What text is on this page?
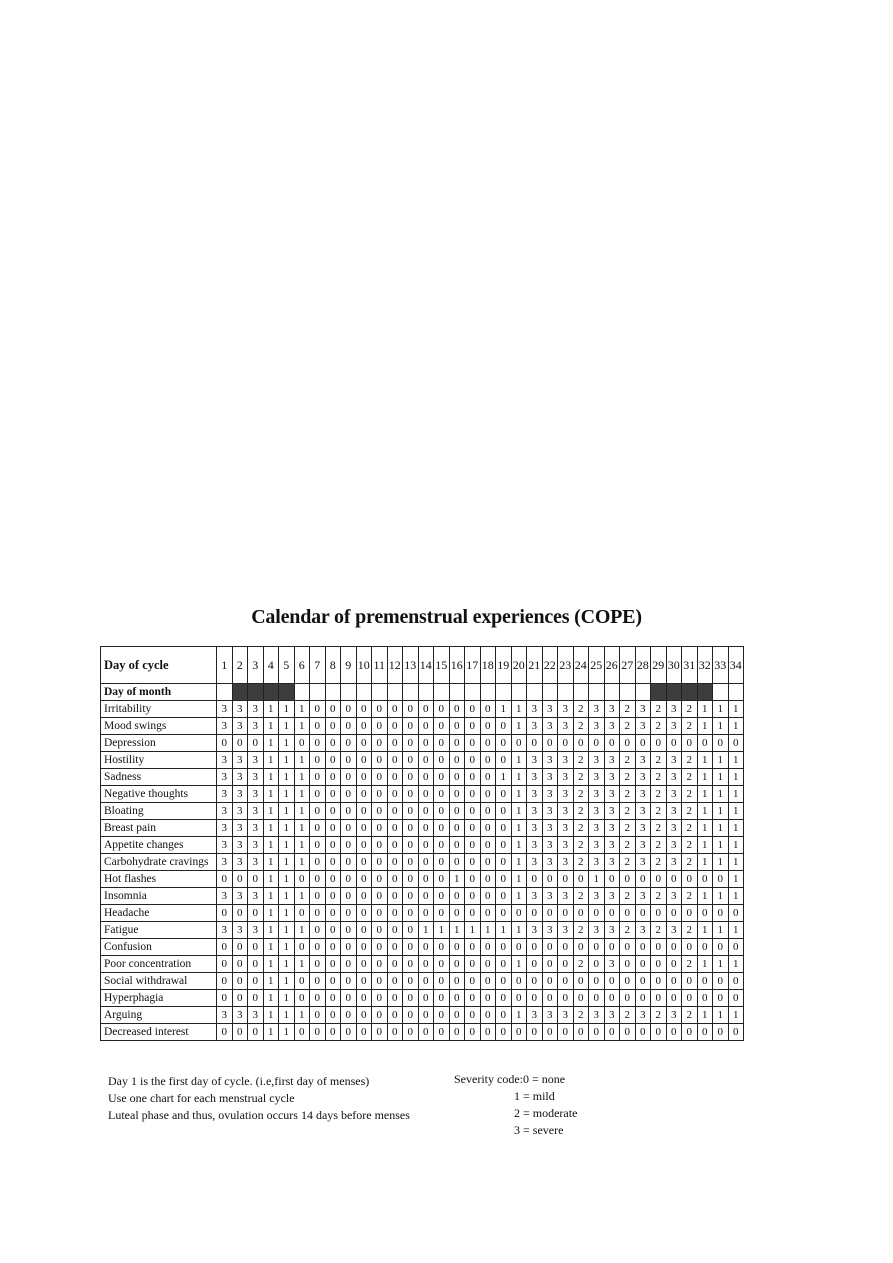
Calendar of premenstrual experiences (COPE)
Day of cycle	1	2	3	4	5	6	7	8	9	10	11	12	13	14	15	16	17	18	19	20	21	22	23	24	25	26	27	28	29	30	31	32	33	34
Day of month																																		
Irritability	3	3	3	1	1	1	0	0	0	0	0	0	0	0	0	0	0	0	1	1	3	3	3	2	3	3	2	3	2	3	2	1	1	1
Mood swings	3	3	3	1	1	1	0	0	0	0	0	0	0	0	0	0	0	0	0	1	3	3	3	2	3	3	2	3	2	3	2	1	1	1
Depression	0	0	0	1	1	0	0	0	0	0	0	0	0	0	0	0	0	0	0	0	0	0	0	0	0	0	0	0	0	0	0	0	0	0
Hostility	3	3	3	1	1	1	0	0	0	0	0	0	0	0	0	0	0	0	0	1	3	3	3	2	3	3	2	3	2	3	2	1	1	1
Sadness	3	3	3	1	1	1	0	0	0	0	0	0	0	0	0	0	0	0	1	1	3	3	3	2	3	3	2	3	2	3	2	1	1	1
Negative thoughts	3	3	3	1	1	1	0	0	0	0	0	0	0	0	0	0	0	0	0	1	3	3	3	2	3	3	2	3	2	3	2	1	1	1
Bloating	3	3	3	1	1	1	0	0	0	0	0	0	0	0	0	0	0	0	0	1	3	3	3	2	3	3	2	3	2	3	2	1	1	1
Breast pain	3	3	3	1	1	1	0	0	0	0	0	0	0	0	0	0	0	0	0	1	3	3	3	2	3	3	2	3	2	3	2	1	1	1
Appetite changes	3	3	3	1	1	1	0	0	0	0	0	0	0	0	0	0	0	0	0	1	3	3	3	2	3	3	2	3	2	3	2	1	1	1
Carbohydrate cravings	3	3	3	1	1	1	0	0	0	0	0	0	0	0	0	0	0	0	0	1	3	3	3	2	3	3	2	3	2	3	2	1	1	1
Hot flashes	0	0	0	1	1	0	0	0	0	0	0	0	0	0	0	1	0	0	0	1	0	0	0	0	1	0	0	0	0	0	0	0	0	1
Insomnia	3	3	3	1	1	1	0	0	0	0	0	0	0	0	0	0	0	0	0	1	3	3	3	2	3	3	2	3	2	3	2	1	1	1
Headache	0	0	0	1	1	0	0	0	0	0	0	0	0	0	0	0	0	0	0	0	0	0	0	0	0	0	0	0	0	0	0	0	0	0
Fatigue	3	3	3	1	1	1	0	0	0	0	0	0	0	1	1	1	1	1	1	1	3	3	3	2	3	3	2	3	2	3	2	1	1	1
Confusion	0	0	0	1	1	0	0	0	0	0	0	0	0	0	0	0	0	0	0	0	0	0	0	0	0	0	0	0	0	0	0	0	0	0
Poor concentration	0	0	0	1	1	1	0	0	0	0	0	0	0	0	0	0	0	0	0	1	0	0	0	2	0	3	0	0	0	0	2	1	1	1
Social withdrawal	0	0	0	1	1	0	0	0	0	0	0	0	0	0	0	0	0	0	0	0	0	0	0	0	0	0	0	0	0	0	0	0	0	0
Hyperphagia	0	0	0	1	1	0	0	0	0	0	0	0	0	0	0	0	0	0	0	0	0	0	0	0	0	0	0	0	0	0	0	0	0	0
Arguing	3	3	3	1	1	1	0	0	0	0	0	0	0	0	0	0	0	0	0	1	3	3	3	2	3	3	2	3	2	3	2	1	1	1
Decreased interest	0	0	0	1	1	0	0	0	0	0	0	0	0	0	0	0	0	0	0	0	0	0	0	0	0	0	0	0	0	0	0	0	0	0
Day 1 is the first day of cycle. (i.e,first day of menses)
Use one chart for each menstrual cycle
Luteal phase and thus, ovulation occurs 14 days before menses
Severity code:0 = none
1 = mild
2 = moderate
3 = severe
